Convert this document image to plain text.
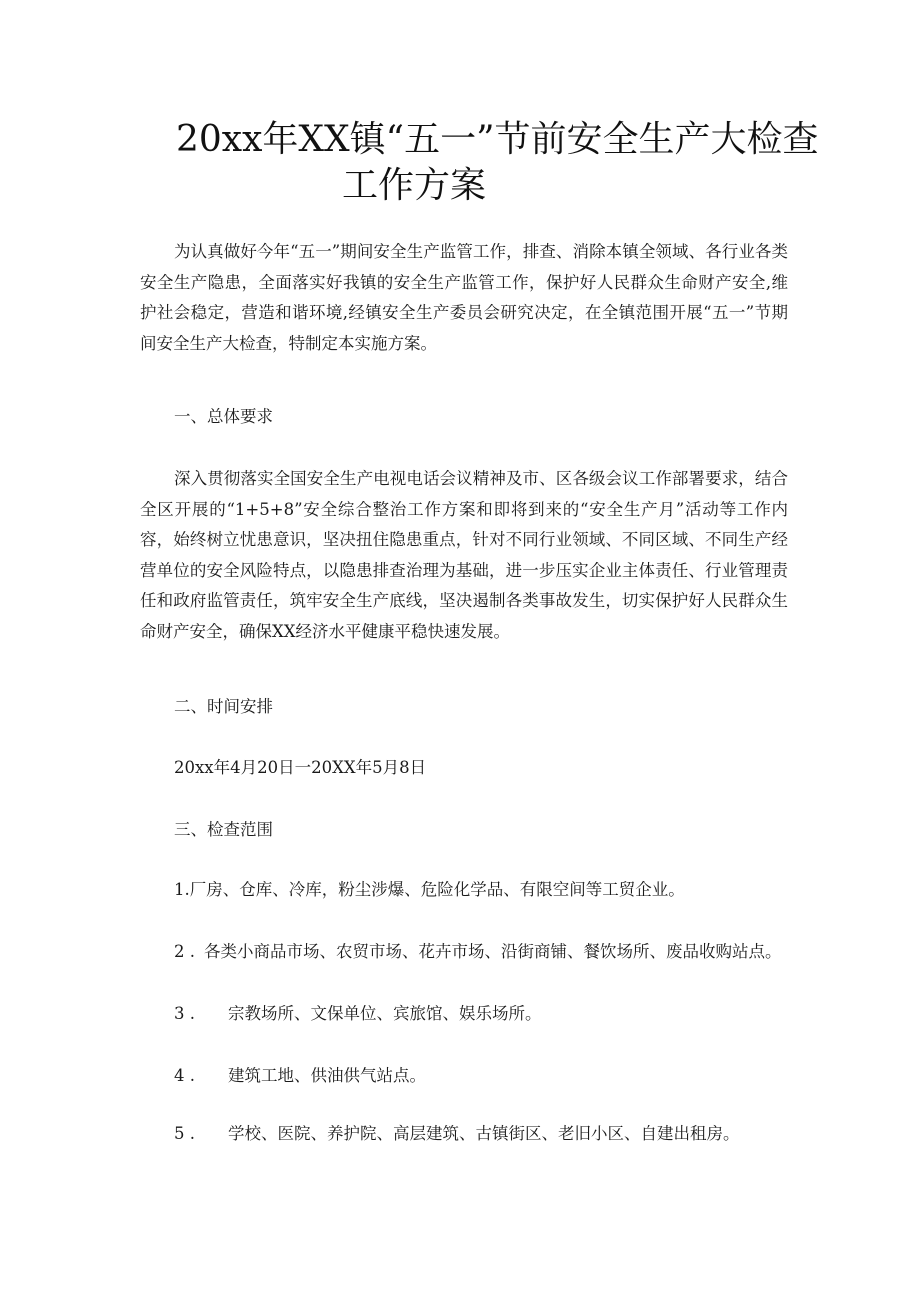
20xx年XX镇“五一”节前安全生产大检查
工作方案

为认真做好今年“五一”期间安全生产监管工作，排查、消除本镇全领域、各行业各类安全生产隐患，全面落实好我镇的安全生产监管工作，保护好人民群众生命财产安全,维护社会稳定，营造和谐环境,经镇安全生产委员会研究决定，在全镇范围开展“五一”节期间安全生产大检查，特制定本实施方案。

一、总体要求

深入贯彻落实全国安全生产电视电话会议精神及市、区各级会议工作部署要求，结合全区开展的“1+5+8”安全综合整治工作方案和即将到来的“安全生产月”活动等工作内容，始终树立忧患意识，坚决扭住隐患重点，针对不同行业领域、不同区域、不同生产经营单位的安全风险特点，以隐患排查治理为基础，进一步压实企业主体责任、行业管理责任和政府监管责任，筑牢安全生产底线，坚决遏制各类事故发生，切实保护好人民群众生命财产安全，确保XX经济水平健康平稳快速发展。

二、时间安排
20xx年4月20日一20XX年5月8日
三、检查范围
1.厂房、仓库、冷库，粉尘涉爆、危险化学品、有限空间等工贸企业。
2 . 各类小商品市场、农贸市场、花卉市场、沿街商铺、餐饮场所、废品收购站点。
3 . 宗教场所、文保单位、宾旅馆、娱乐场所。
4 . 建筑工地、供油供气站点。
5 . 学校、医院、养护院、高层建筑、古镇街区、老旧小区、自建出租房。
